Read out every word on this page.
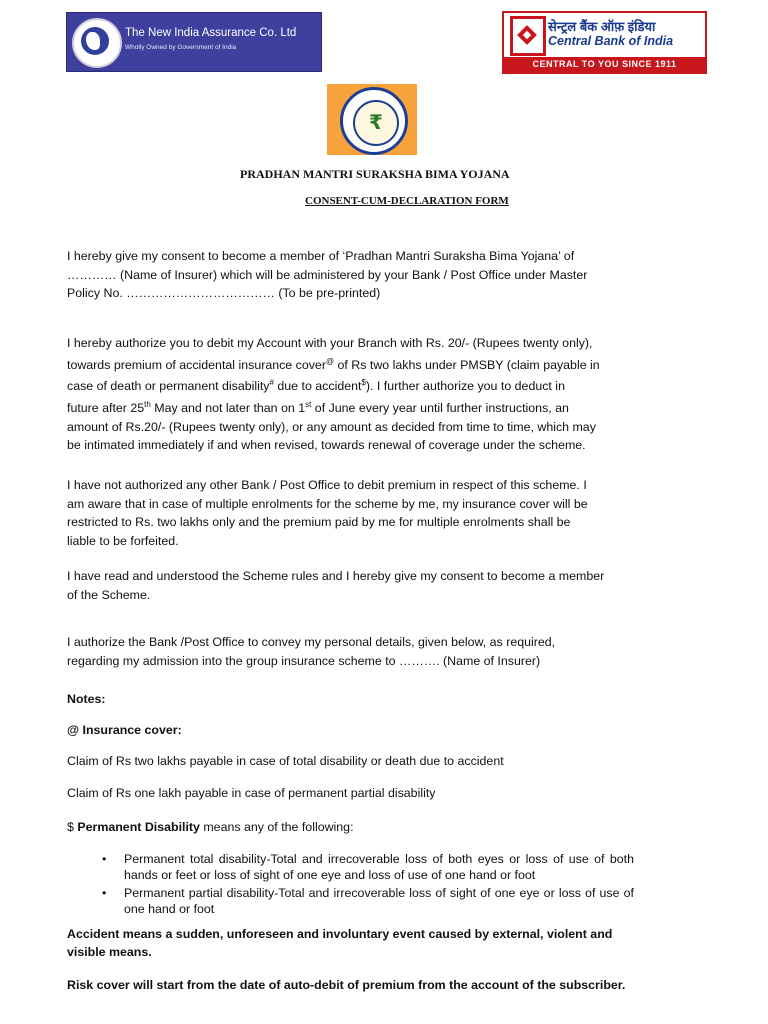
The New India Assurance Co. Ltd
Wholly Owned by Government of India
सेन्ट्रल बैंक ऑफ़ इंडिया
Central Bank of India
CENTRAL TO YOU SINCE 1911
₹
PRADHAN MANTRI SURAKSHA BIMA YOJANA
CONSENT-CUM-DECLARATION FORM

I hereby give my consent to become a member of ‘Pradhan Mantri Suraksha Bima Yojana’ of

………… (Name of Insurer) which will be administered by your Bank / Post Office under Master

Policy No. ……………………………… (To be pre-printed)

I hereby authorize you to debit my Account with your Branch with Rs. 20/- (Rupees twenty only),

towards premium of accidental insurance cover@ of Rs two lakhs under PMSBY (claim payable in

case of death or permanent disability# due to accident$). I further authorize you to deduct in

future after 25th May and not later than on 1st of June every year until further instructions, an

amount of Rs.20/- (Rupees twenty only), or any amount as decided from time to time, which may

be intimated immediately if and when revised, towards renewal of coverage under the scheme.

I have not authorized any other Bank / Post Office to debit premium in respect of this scheme. I

am aware that in case of multiple enrolments for the scheme by me, my insurance cover will be

restricted to Rs. two lakhs only and the premium paid by me for multiple enrolments shall be

liable to be forfeited.

I have read and understood the Scheme rules and I hereby give my consent to become a member

of the Scheme.

I authorize the Bank /Post Office to convey my personal details, given below, as required,

regarding my admission into the group insurance scheme to ………. (Name of Insurer)

Notes:
@ Insurance cover:
Claim of Rs two lakhs payable in case of total disability or death due to accident
Claim of Rs one lakh payable in case of permanent partial disability
$ Permanent Disability means any of the following:
• Permanent total disability-Total and irrecoverable loss of both eyes or loss of use of both hands or feet or loss of sight of one eye and loss of use of one hand or foot
• Permanent partial disability-Total and irrecoverable loss of sight of one eye or loss of use of one hand or foot

Accident means a sudden, unforeseen and involuntary event caused by external, violent and

visible means.

Risk cover will start from the date of auto-debit of premium from the account of the subscriber.
